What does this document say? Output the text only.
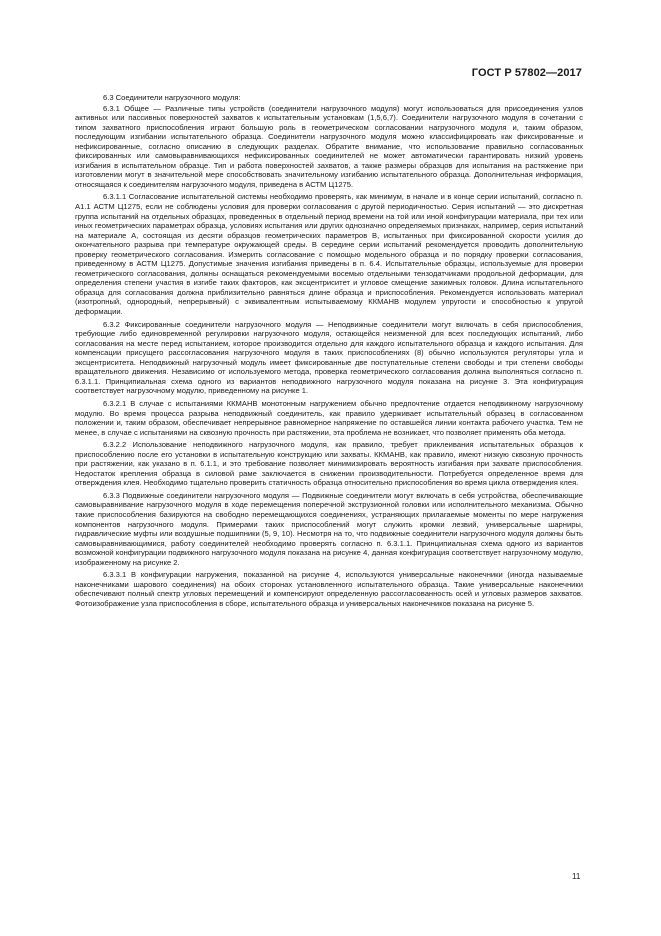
ГОСТ Р 57802—2017

6.3 Соединители нагрузочного модуля:

6.3.1 Общее — Различные типы устройств (соединители нагрузочного модуля) могут использоваться для присоединения узлов активных или пассивных поверхностей захватов к испытательным установкам (1,5,6,7). Соединители нагрузочного модуля в сочетании с типом захватного приспособления играют большую роль в геометрическом согласовании нагрузочного модуля и, таким образом, последующим изгибании испытательного образца. Соединители нагрузочного модуля можно классифицировать как фиксированные и нефиксированные, согласно описанию в следующих разделах. Обратите внимание, что использование правильно согласованных фиксированных или самовыравнивающихся нефиксированных соединителей не может автоматически гарантировать низкий уровень изгибания в испытательном образце. Тип и работа поверхностей захватов, а также размеры образцов для испытания на растяжение при изготовлении могут в значительной мере способствовать значительному изгибанию испытательного образца. Дополнительная информация, относящаяся к соединителям нагрузочного модуля, приведена в АСТМ Ц1275.

6.3.1.1 Согласование испытательной системы необходимо проверять, как минимум, в начале и в конце серии испытаний, согласно п. А1.1 АСТМ Ц1275, если не соблюдены условия для проверки согласования с другой периодичностью. Серия испытаний — это дискретная группа испытаний на отдельных образцах, проведенных в отдельный период времени на той или иной конфигурации материала, при тех или иных геометрических параметрах образца, условиях испытания или других однозначно определяемых признаках, например, серия испытаний на материале А, состоящая из десяти образцов геометрических параметров В, испытанных при фиксированной скорости усилия до окончательного разрыва при температуре окружающей среды. В середине серии испытаний рекомендуется проводить дополнительную проверку геометрического согласования. Измерить согласование с помощью модельного образца и по порядку проверки согласования, приведенному в АСТМ Ц1275. Допустимые значения изгибания приведены в п. 6.4. Испытательные образцы, используемые для проверки геометрического согласования, должны оснащаться рекомендуемыми восемью отдельными тензодатчиками продольной деформации, для определения степени участия в изгибе таких факторов, как эксцентриситет и угловое смещение зажимных головок. Длина испытательного образца для согласования должна приблизительно равняться длине образца и приспособления. Рекомендуется использовать материал (изотропный, однородный, непрерывный) с эквивалентным испытываемому ККМАНВ модулем упругости и способностью к упругой деформации.

6.3.2 Фиксированные соединители нагрузочного модуля — Неподвижные соединители могут включать в себя приспособления, требующие либо единовременной регулировки нагрузочного модуля, остающейся неизменной для всех последующих испытаний, либо согласования на месте перед испытанием, которое производится отдельно для каждого испытательного образца и каждого испытания. Для компенсации присущего рассогласования нагрузочного модуля в таких приспособлениях (8) обычно используются регуляторы угла и эксцентриситета. Неподвижный нагрузочный модуль имеет фиксированные две поступательные степени свободы и три степени свободы вращательного движения. Независимо от используемого метода, проверка геометрического согласования должна выполняться согласно п. 6.3.1.1. Принципиальная схема одного из вариантов неподвижного нагрузочного модуля показана на рисунке 3. Эта конфигурация соответствует нагрузочному модулю, приведенному на рисунке 1.

6.3.2.1 В случае с испытаниями ККМАНВ монотонным нагружением обычно предпочтение отдается неподвижному нагрузочному модулю. Во время процесса разрыва неподвижный соединитель, как правило удерживает испытательный образец в согласованном положении и, таким образом, обеспечивает непрерывное равномерное напряжение по оставшейся линии контакта рабочего участка. Тем не менее, в случае с испытаниями на сквозную прочность при растяжении, эта проблема не возникает, что позволяет применять оба метода.

6.3.2.2 Использование неподвижного нагрузочного модуля, как правило, требует приклеивания испытательных образцов к приспособлению после его установки в испытательную конструкцию или захваты. ККМАНВ, как правило, имеют низкую сквозную прочность при растяжении, как указано в п. 6.1.1, и это требование позволяет минимизировать вероятность изгибания при захвате приспособления. Недостаток крепления образца в силовой раме заключается в снижении производительности. Потребуется определенное время для отверждения клея. Необходимо тщательно проверить статичность образца относительно приспособления во время цикла отверждения клея.

6.3.3 Подвижные соединители нагрузочного модуля — Подвижные соединители могут включать в себя устройства, обеспечивающие самовыравнивание нагрузочного модуля в ходе перемещения поперечной экструзионной головки или исполнительного механизма. Обычно такие приспособления базируются на свободно перемещающихся соединениях, устраняющих прилагаемые моменты по мере нагружения компонентов нагрузочного модуля. Примерами таких приспособлений могут служить кромки лезвий, универсальные шарниры, гидравлические муфты или воздушные подшипники (5, 9, 10). Несмотря на то, что подвижные соединители нагрузочного модуля должны быть самовыравнивающимися, работу соединителей необходимо проверять согласно п. 6.3.1.1. Принципиальная схема одного из вариантов возможной конфигурации подвижного нагрузочного модуля показана на рисунке 4, данная конфигурация соответствует нагрузочному модулю, изображенному на рисунке 2.

6.3.3.1 В конфигурации нагружения, показанной на рисунке 4, используются универсальные наконечники (иногда называемые наконечниками шарового соединения) на обоих сторонах установленного испытательного образца. Такие универсальные наконечники обеспечивают полный спектр угловых перемещений и компенсируют определенную рассогласованность осей и угловых размеров захватов. Фотоизображение узла приспособления в сборе, испытательного образца и универсальных наконечников показана на рисунке 5.

11
